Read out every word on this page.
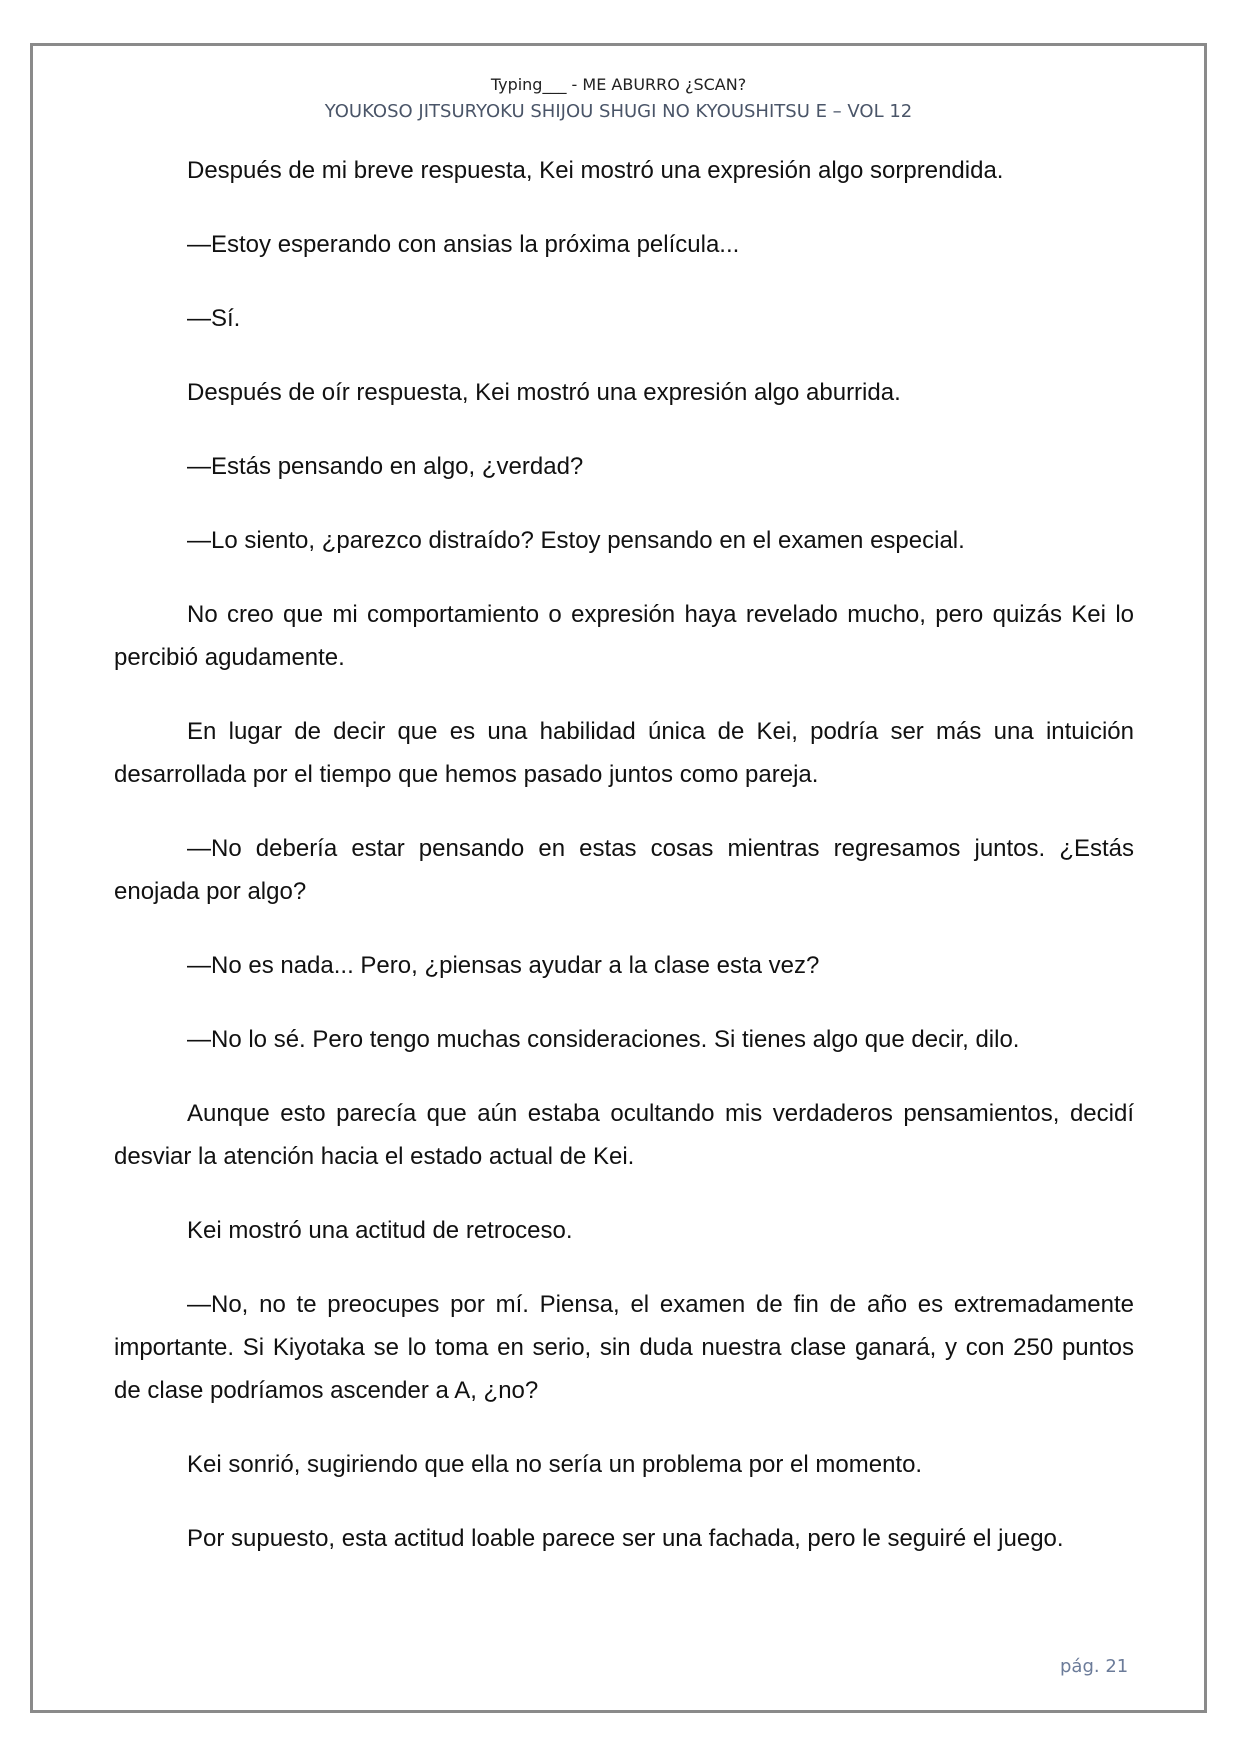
Typing___ - ME ABURRO ¿SCAN?
YOUKOSO JITSURYOKU SHIJOU SHUGI NO KYOUSHITSU E – VOL 12

Después de mi breve respuesta, Kei mostró una expresión algo sorprendida.

—Estoy esperando con ansias la próxima película...

—Sí.

Después de oír respuesta, Kei mostró una expresión algo aburrida.

—Estás pensando en algo, ¿verdad?

—Lo siento, ¿parezco distraído? Estoy pensando en el examen especial.

No creo que mi comportamiento o expresión haya revelado mucho, pero quizás Kei lo percibió agudamente.

En lugar de decir que es una habilidad única de Kei, podría ser más una intuición desarrollada por el tiempo que hemos pasado juntos como pareja.

—No debería estar pensando en estas cosas mientras regresamos juntos. ¿Estás enojada por algo?

—No es nada... Pero, ¿piensas ayudar a la clase esta vez?

—No lo sé. Pero tengo muchas consideraciones. Si tienes algo que decir, dilo.

Aunque esto parecía que aún estaba ocultando mis verdaderos pensamientos, decidí desviar la atención hacia el estado actual de Kei.

Kei mostró una actitud de retroceso.

—No, no te preocupes por mí. Piensa, el examen de fin de año es extremadamente importante. Si Kiyotaka se lo toma en serio, sin duda nuestra clase ganará, y con 250 puntos de clase podríamos ascender a A, ¿no?

Kei sonrió, sugiriendo que ella no sería un problema por el momento.

Por supuesto, esta actitud loable parece ser una fachada, pero le seguiré el juego.

pág. 21
